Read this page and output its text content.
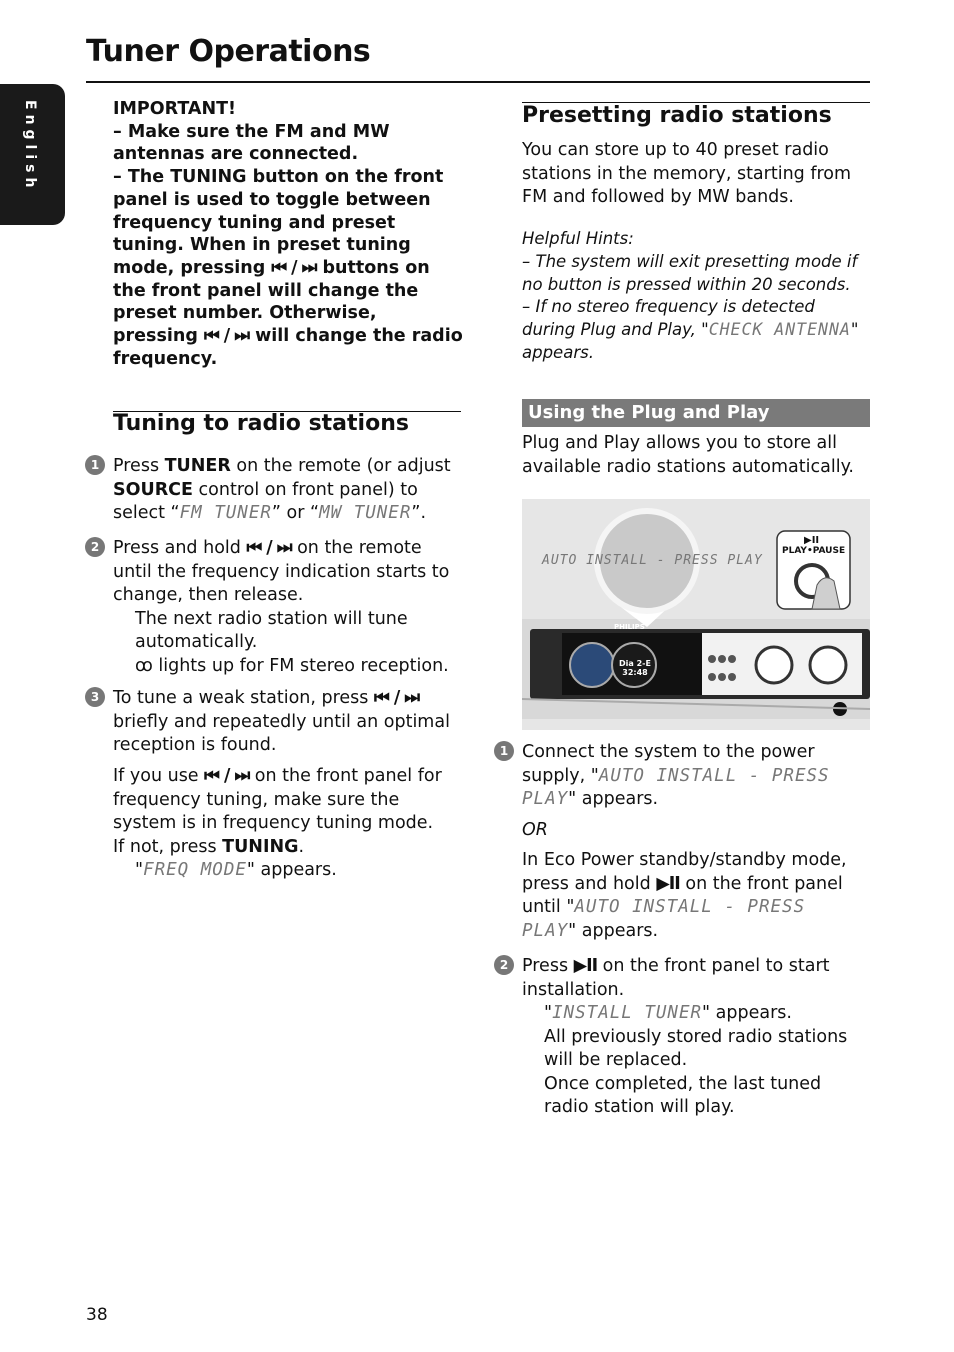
Tuner Operations
English	IMPORTANT!
– Make sure the FM and MW antennas are connected.
– The TUNING button on the front panel is used to toggle between frequency tuning and preset tuning. When in preset tuning mode, pressing ⏮ / ⏭ buttons on the front panel will change the preset number. Otherwise, pressing ⏮ / ⏭ will change the radio frequency.
Tuning to radio stations
1 Press TUNER on the remote (or adjust SOURCE control on front panel) to select “FM TUNER” or “MW TUNER”.
2 Press and hold ⏮ / ⏭ on the remote until the frequency indication starts to change, then release.
The next radio station will tune automatically.
ꝏ lights up for FM stereo reception.
3 To tune a weak station, press ⏮ / ⏭ briefly and repeatedly until an optimal reception is found.
If you use ⏮ / ⏭ on the front panel for frequency tuning, make sure the system is in frequency tuning mode.
If not, press TUNING.
"FREQ MODE" appears.
Presetting radio stations
You can store up to 40 preset radio stations in the memory, starting from FM and followed by MW bands.
Helpful Hints:
– The system will exit presetting mode if no button is pressed within 20 seconds.
– If no stereo frequency is detected during Plug and Play, "CHECK ANTENNA" appears.
Using the Plug and Play
Plug and Play allows you to store all available radio stations automatically.
AUTO INSTALL - PRESS PLAY
▶II
PLAY•PAUSE
PHILIPS
Dia 2-E 32:48
1 Connect the system to the power supply, "AUTO INSTALL - PRESS PLAY" appears.
OR
In Eco Power standby/standby mode, press and hold ▶II on the front panel until "AUTO INSTALL - PRESS PLAY" appears.
2 Press ▶II on the front panel to start installation.
"INSTALL TUNER" appears.
All previously stored radio stations will be replaced.
Once completed, the last tuned radio station will play.
38
